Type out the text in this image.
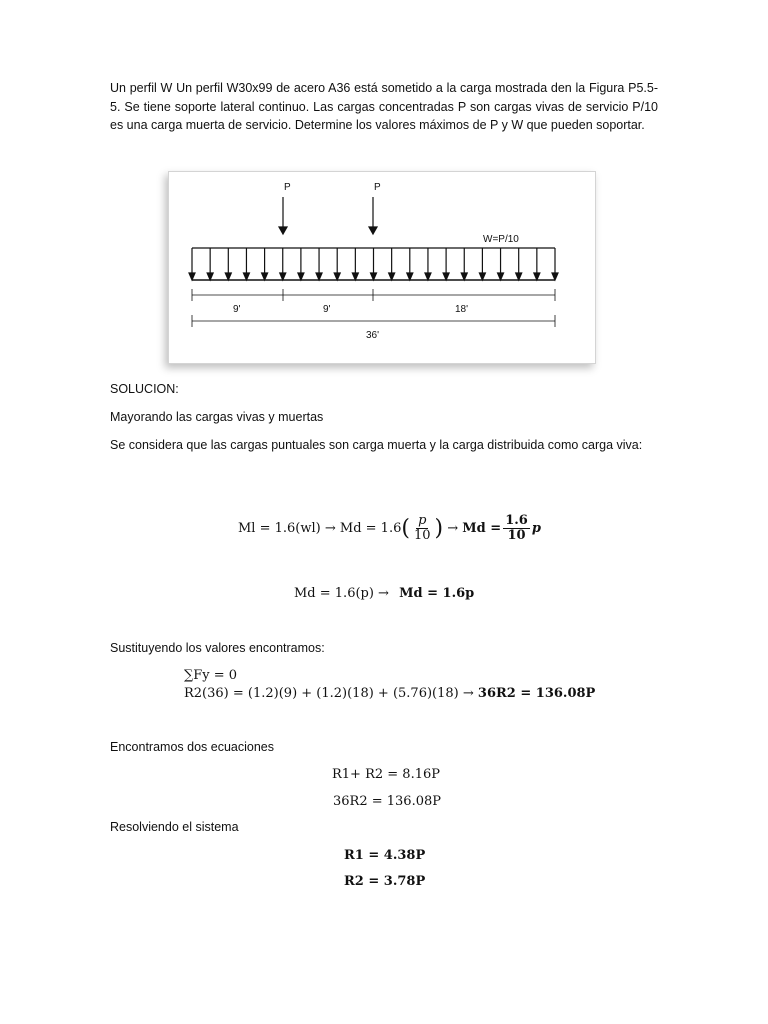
Un perfil W Un perfil W30x99 de acero A36 está sometido a la carga mostrada den la Figura P5.5-5. Se tiene soporte lateral continuo. Las cargas concentradas P son cargas vivas de servicio P/10 es una carga muerta de servicio. Determine los valores máximos de P y W que pueden soportar.
P	P
W=P/10
9'	9'	18'
36'
SOLUCION:
Mayorando las cargas vivas y muertas
Se considera que las cargas puntuales son carga muerta y la carga distribuida como carga viva:
$Ml = 1.6(wl) \to Md = 1.6( \frac{p}{10}$ ) → $Md = \frac{1.6}{10}$ p
Md = 1.6(p) → Md = 1.6p
Sustituyendo los valores encontramos:
∑Fy = 0
R2(36) = (1.2)(9) + (1.2)(18) + (5.76)(18) → 36R2 = 136.08P
Encontramos dos ecuaciones
R1+ R2 = 8.16P
36R2 = 136.08P
Resolviendo el sistema
R1 = 4.38P
R2 = 3.78P
